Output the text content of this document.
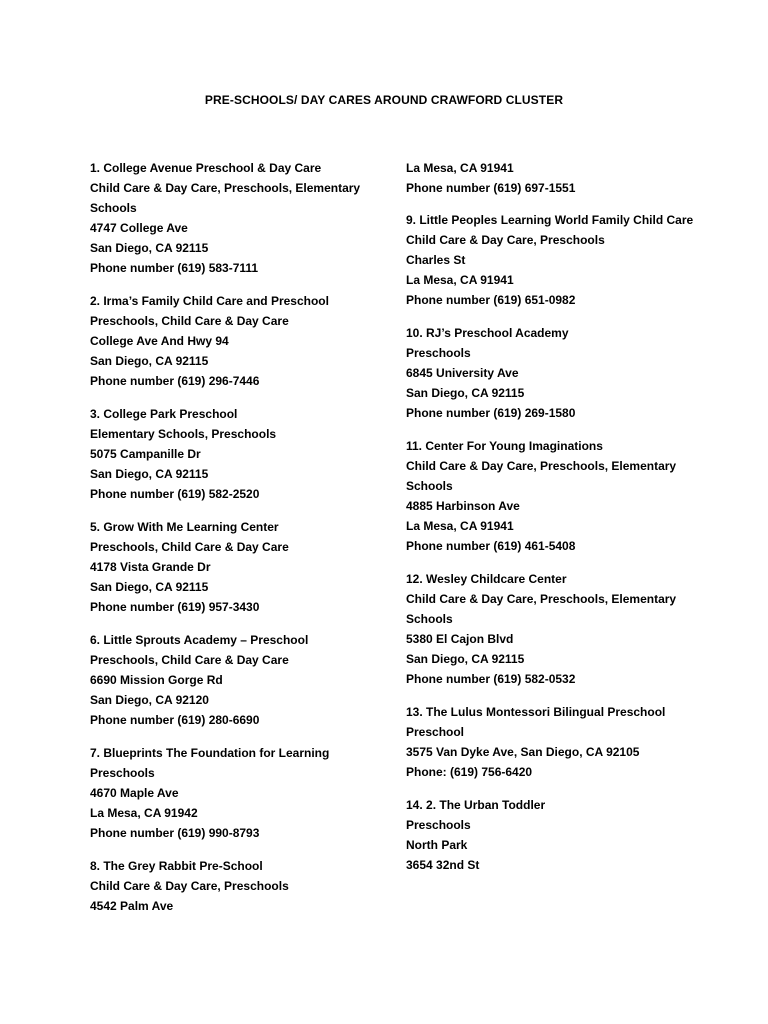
PRE-SCHOOLS/ DAY CARES AROUND CRAWFORD CLUSTER
1. College Avenue Preschool & Day Care
Child Care & Day Care, Preschools, Elementary Schools
4747 College Ave
San Diego, CA 92115
Phone number (619) 583-7111
2. Irma’s Family Child Care and Preschool
Preschools, Child Care & Day Care
College Ave And Hwy 94
San Diego, CA 92115
Phone number (619) 296-7446
3. College Park Preschool
Elementary Schools, Preschools
5075 Campanille Dr
San Diego, CA 92115
Phone number (619) 582-2520
5. Grow With Me Learning Center
Preschools, Child Care & Day Care
4178 Vista Grande Dr
San Diego, CA 92115
Phone number (619) 957-3430
6. Little Sprouts Academy – Preschool
Preschools, Child Care & Day Care
6690 Mission Gorge Rd
San Diego, CA 92120
Phone number (619) 280-6690
7. Blueprints The Foundation for Learning
Preschools
4670 Maple Ave
La Mesa, CA 91942
Phone number (619) 990-8793
8. The Grey Rabbit Pre-School
Child Care & Day Care, Preschools
4542 Palm Ave
La Mesa, CA 91941
Phone number (619) 697-1551
9. Little Peoples Learning World Family Child Care
Child Care & Day Care, Preschools
Charles St
La Mesa, CA 91941
Phone number (619) 651-0982
10. RJ’s Preschool Academy
Preschools
6845 University Ave
San Diego, CA 92115
Phone number (619) 269-1580
11. Center For Young Imaginations
Child Care & Day Care, Preschools, Elementary Schools
4885 Harbinson Ave
La Mesa, CA 91941
Phone number (619) 461-5408
12. Wesley Childcare Center
Child Care & Day Care, Preschools, Elementary Schools
5380 El Cajon Blvd
San Diego, CA 92115
Phone number (619) 582-0532
13. The Lulus Montessori Bilingual Preschool
Preschool
3575 Van Dyke Ave, San Diego, CA 92105
Phone: (619) 756-6420
14. 2. The Urban Toddler
Preschools
North Park
3654 32nd St
